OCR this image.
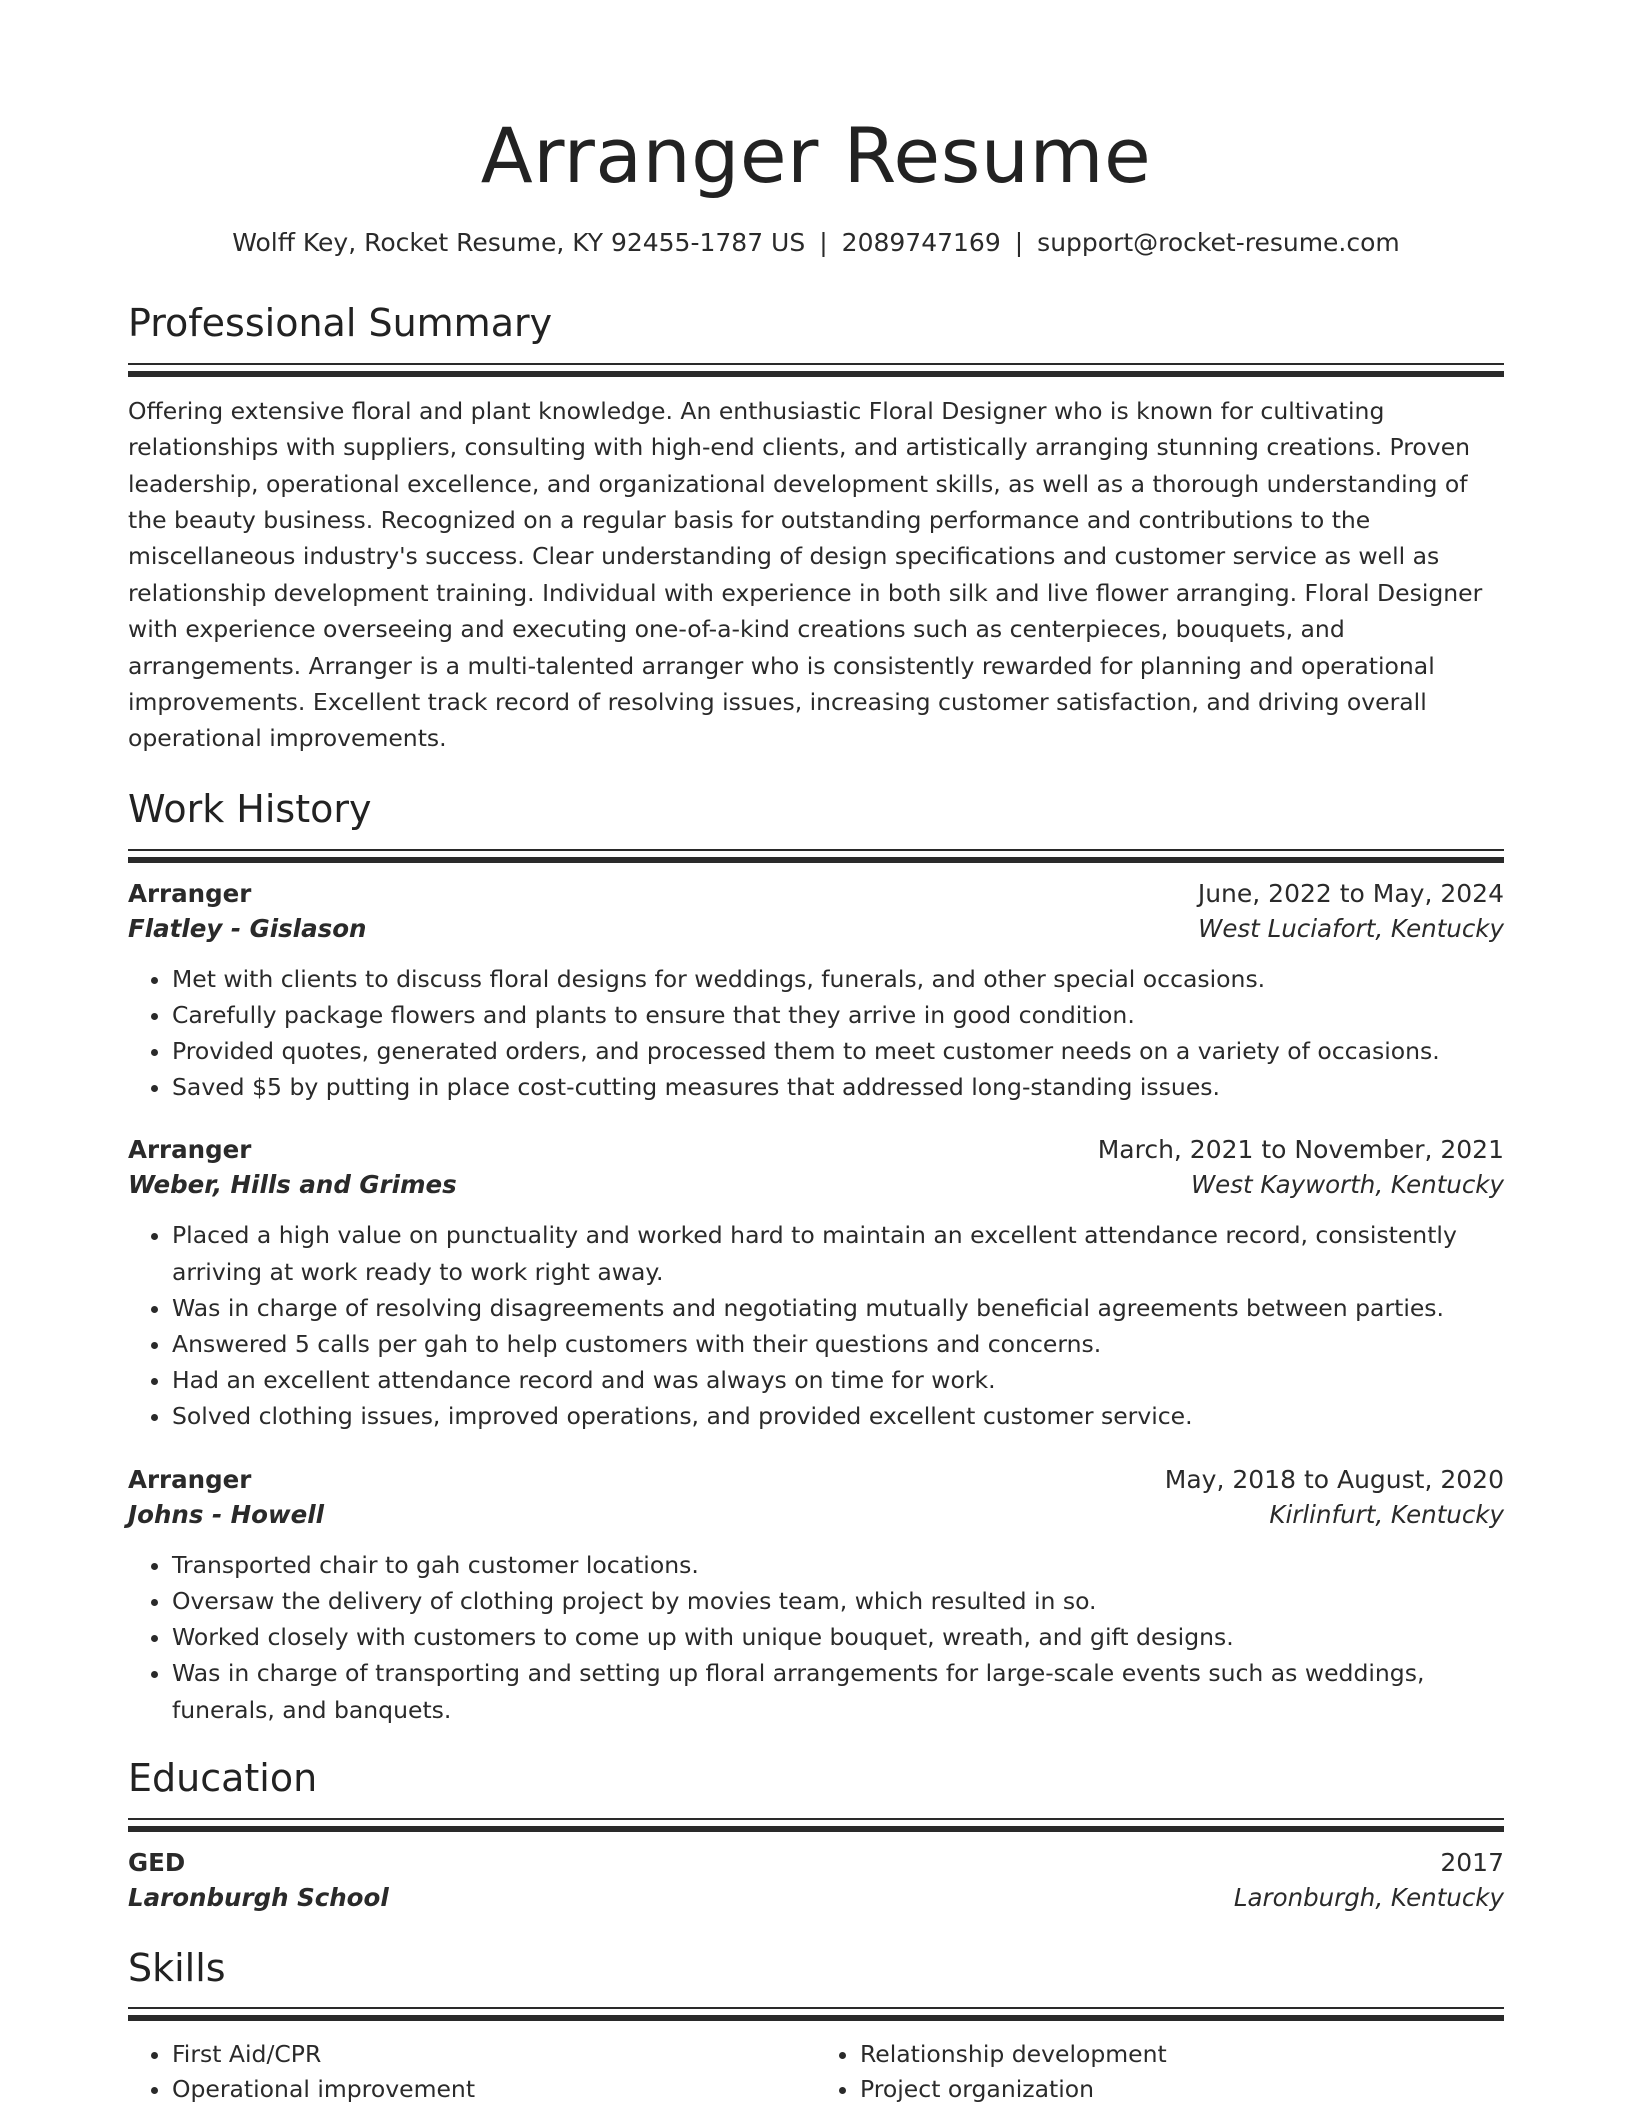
Arranger Resume
Wolff Key, Rocket Resume, KY 92455-1787 US | 2089747169 | support@rocket-resume.com
Professional Summary

Offering extensive floral and plant knowledge. An enthusiastic Floral Designer who is known for cultivating relationships with suppliers, consulting with high-end clients, and artistically arranging stunning creations. Proven leadership, operational excellence, and organizational development skills, as well as a thorough understanding of the beauty business. Recognized on a regular basis for outstanding performance and contributions to the miscellaneous industry's success. Clear understanding of design specifications and customer service as well as relationship development training. Individual with experience in both silk and live flower arranging. Floral Designer with experience overseeing and executing one-of-a-kind creations such as centerpieces, bouquets, and arrangements. Arranger is a multi-talented arranger who is consistently rewarded for planning and operational improvements. Excellent track record of resolving issues, increasing customer satisfaction, and driving overall operational improvements.

Work History
Arranger	June, 2022 to May, 2024
Flatley - Gislason	West Luciafort, Kentucky
• Met with clients to discuss floral designs for weddings, funerals, and other special occasions.
• Carefully package flowers and plants to ensure that they arrive in good condition.
• Provided quotes, generated orders, and processed them to meet customer needs on a variety of occasions.
• Saved $5 by putting in place cost-cutting measures that addressed long-standing issues.
Arranger	March, 2021 to November, 2021
Weber, Hills and Grimes	West Kayworth, Kentucky
• Placed a high value on punctuality and worked hard to maintain an excellent attendance record, consistently arriving at work ready to work right away.
• Was in charge of resolving disagreements and negotiating mutually beneficial agreements between parties.
• Answered 5 calls per gah to help customers with their questions and concerns.
• Had an excellent attendance record and was always on time for work.
• Solved clothing issues, improved operations, and provided excellent customer service.
Arranger	May, 2018 to August, 2020
Johns - Howell	Kirlinfurt, Kentucky
• Transported chair to gah customer locations.
• Oversaw the delivery of clothing project by movies team, which resulted in so.
• Worked closely with customers to come up with unique bouquet, wreath, and gift designs.
• Was in charge of transporting and setting up floral arrangements for large-scale events such as weddings, funerals, and banquets.
Education
GED	2017
Laronburgh School	Laronburgh, Kentucky
Skills
• First Aid/CPR
• Operational improvement
• Relationship development
• Project organization
